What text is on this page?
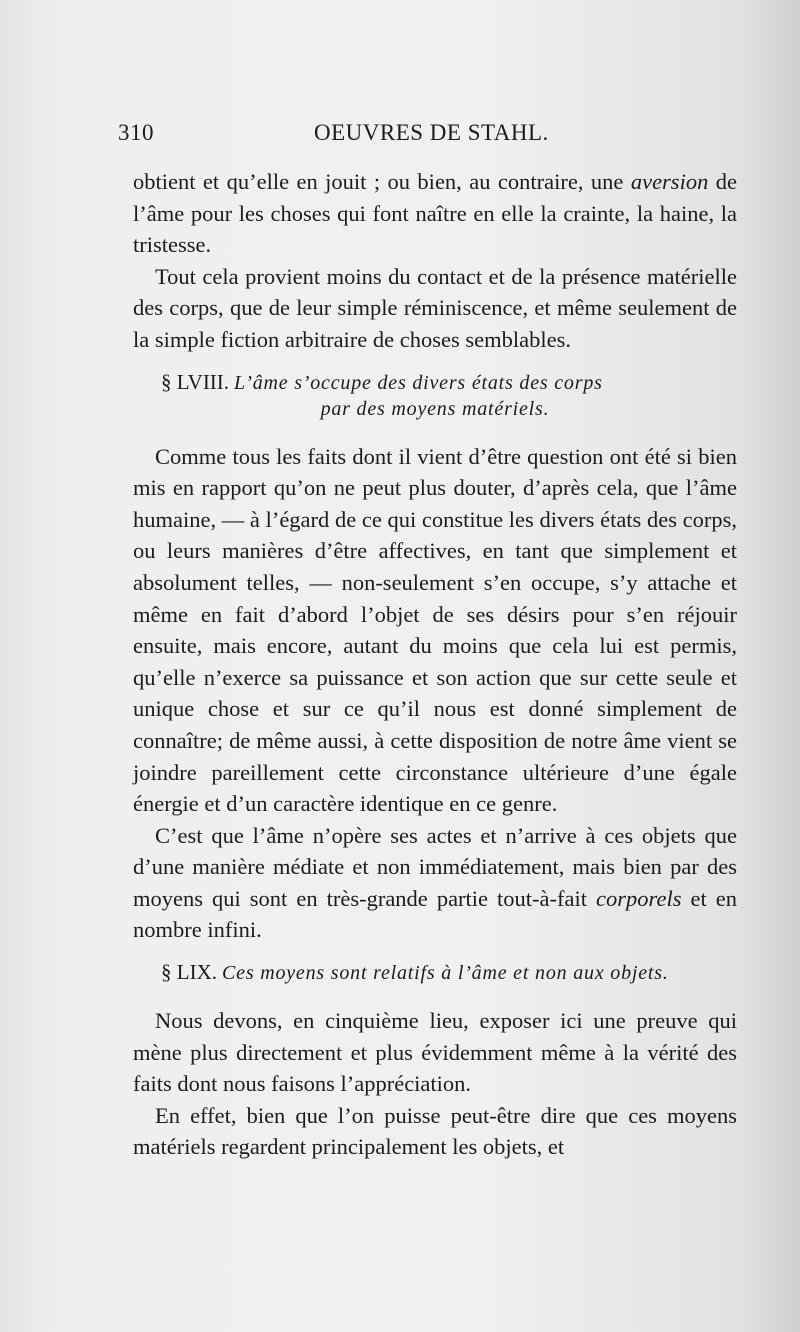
310	OEUVRES DE STAHL.

obtient et qu’elle en jouit ; ou bien, au contraire, une aversion de l’âme pour les choses qui font naître en elle la crainte, la haine, la tristesse.

Tout cela provient moins du contact et de la présence matérielle des corps, que de leur simple réminiscence, et même seulement de la simple fiction arbitraire de choses semblables.

§ LVIII. L’âme s’occupe des divers états des corps
par des moyens matériels.

Comme tous les faits dont il vient d’être question ont été si bien mis en rapport qu’on ne peut plus douter, d’après cela, que l’âme humaine, — à l’égard de ce qui constitue les divers états des corps, ou leurs manières d’être affectives, en tant que simplement et absolument telles, — non-seulement s’en occupe, s’y attache et même en fait d’abord l’objet de ses désirs pour s’en réjouir ensuite, mais encore, autant du moins que cela lui est permis, qu’elle n’exerce sa puissance et son action que sur cette seule et unique chose et sur ce qu’il nous est donné simplement de connaître; de même aussi, à cette disposition de notre âme vient se joindre pareillement cette circonstance ultérieure d’une égale énergie et d’un caractère identique en ce genre.

C’est que l’âme n’opère ses actes et n’arrive à ces objets que d’une manière médiate et non immédiatement, mais bien par des moyens qui sont en très-grande partie tout-à-fait corporels et en nombre infini.

§ LIX. Ces moyens sont relatifs à l’âme et non aux objets.

Nous devons, en cinquième lieu, exposer ici une preuve qui mène plus directement et plus évidemment même à la vérité des faits dont nous faisons l’appréciation.

En effet, bien que l’on puisse peut-être dire que ces moyens matériels regardent principalement les objets, et
